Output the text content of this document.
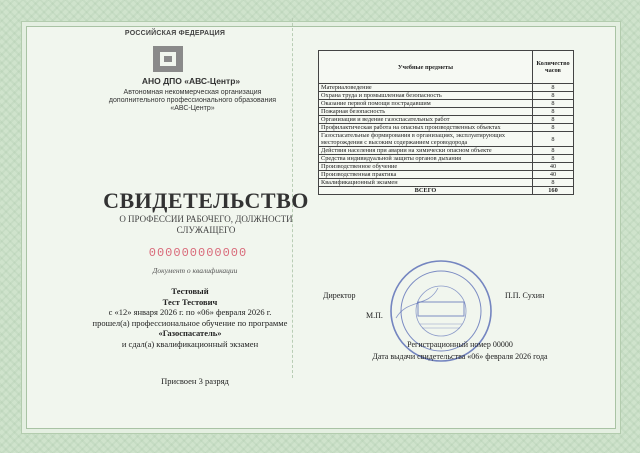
РОССИЙСКАЯ ФЕДЕРАЦИЯ
АНО ДПО «АВС-Центр»
Автономная некоммерческая организация дополнительного профессионального образования «АВС-Центр»
СВИДЕТЕЛЬСТВО
О ПРОФЕССИИ РАБОЧЕГО, ДОЛЖНОСТИ СЛУЖАЩЕГО
000000000000
Документ о квалификации
Тестовый
Тест Тестович
с «12» января 2026 г. по «06» февраля 2026 г.
прошел(а) профессиональное обучение по программе
«Газоспасатель»
и сдал(а) квалификационный экзамен
Присвоен 3 разряд
Учебные предметы	Количество часов
Материаловедение	8
Охрана труда и промышленная безопасность	8
Оказание первой помощи пострадавшим	8
Пожарная безопасность	8
Организация и ведение газоспасательных работ	8
Профилактическая работа на опасных производственных объектах	8
Газоспасательные формирования в организациях, эксплуатирующих месторождения с высоким содержанием сероводорода	8
Действия населения при аварии на химически опасном объекте	8
Средства индивидуальной защиты органов дыхания	8
Производственное обучение	40
Производственная практика	40
Квалификационный экзамен	8
ВСЕГО	160
Директор	П.П. Сухин
М.П.
Регистрационный номер 00000
Дата выдачи свидетельства «06» февраля 2026 года
